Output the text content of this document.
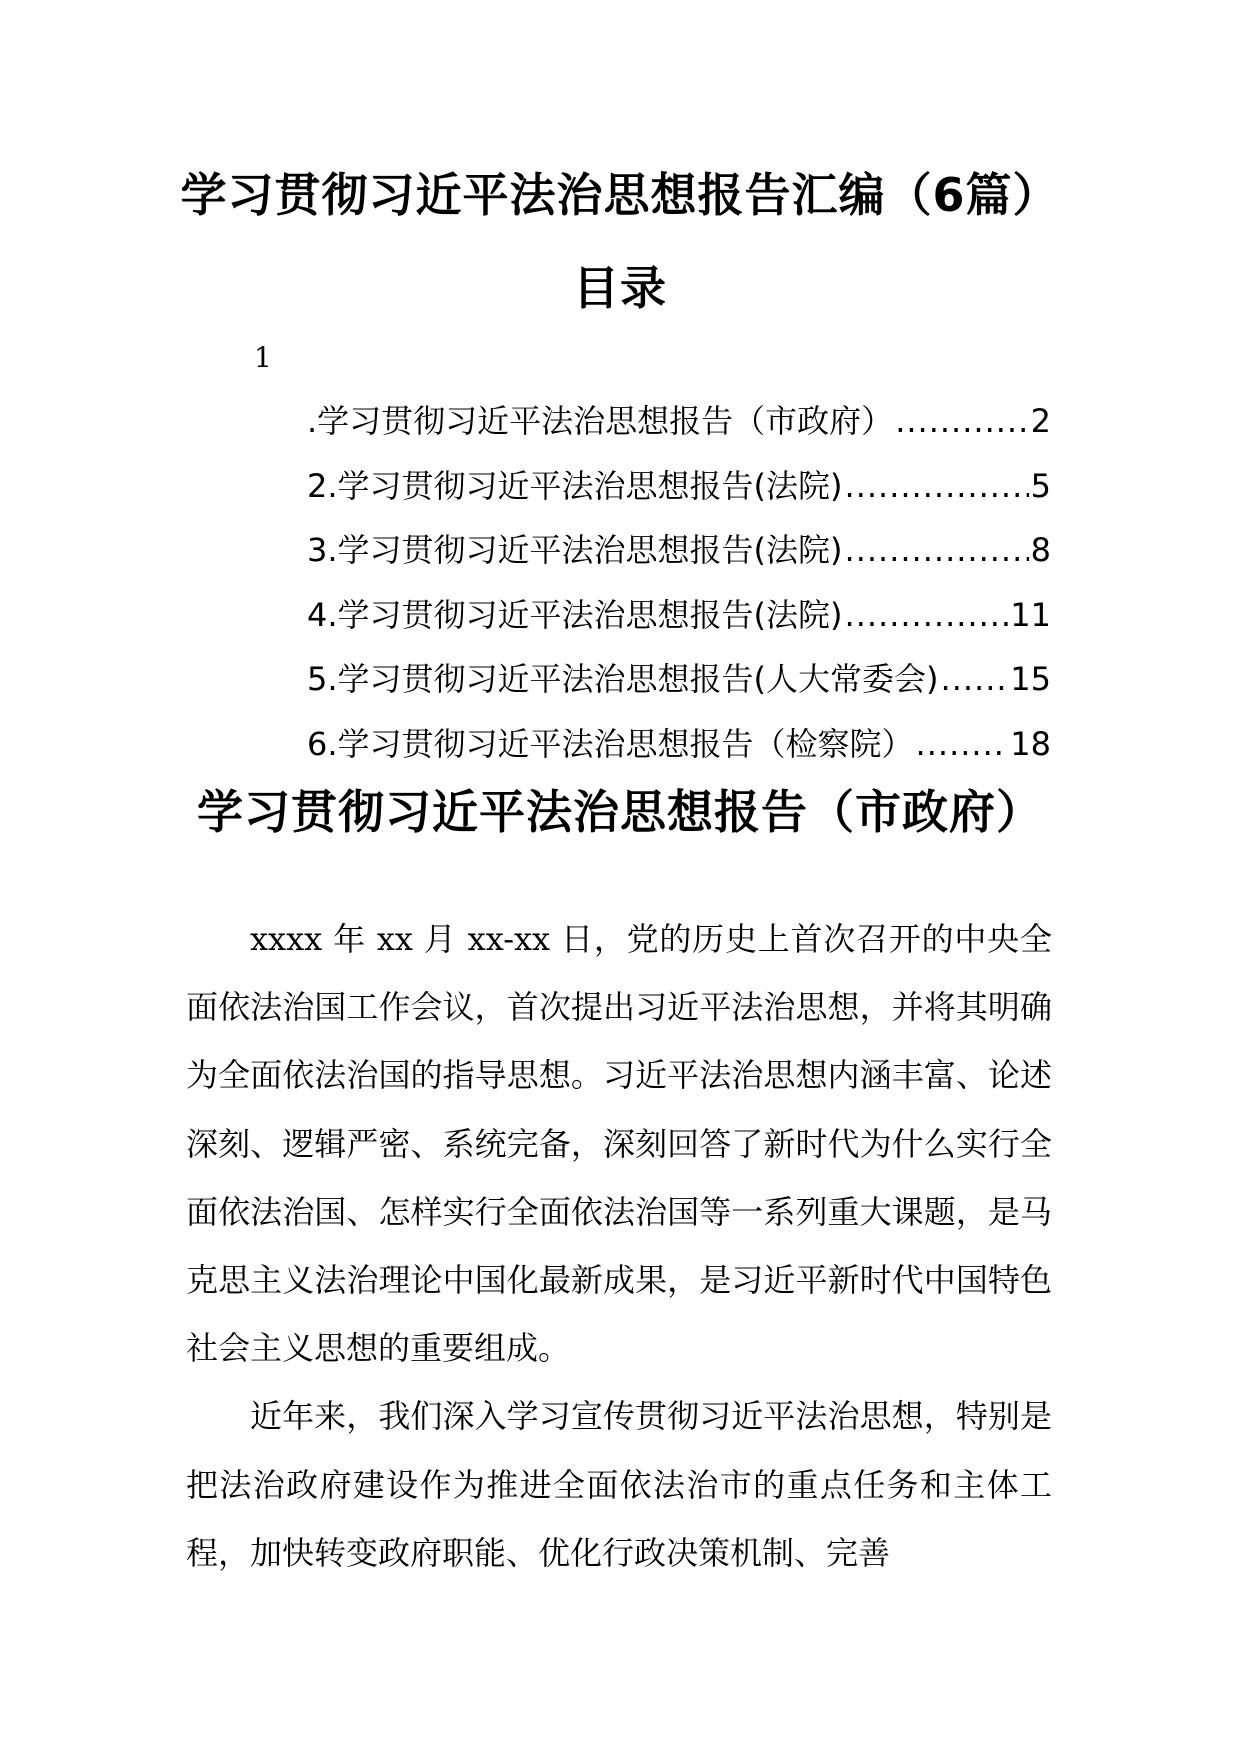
学习贯彻习近平法治思想报告汇编（6篇）
目录
1
.学习贯彻习近平法治思想报告（市政府） .....	2
2.学习贯彻习近平法治思想报告(法院) .....	5
3.学习贯彻习近平法治思想报告(法院) .....	8
4.学习贯彻习近平法治思想报告(法院) .....	11
5.学习贯彻习近平法治思想报告(人大常委会) ..... 15
6.学习贯彻习近平法治思想报告（检察院） .....	18
学习贯彻习近平法治思想报告（市政府）

xxxx 年 xx 月 xx-xx 日，党的历史上首次召开的中央全面依法治国工作会议，首次提出习近平法治思想，并将其明确为全面依法治国的指导思想。习近平法治思想内涵丰富、论述深刻、逻辑严密、系统完备，深刻回答了新时代为什么实行全面依法治国、怎样实行全面依法治国等一系列重大课题，是马克思主义法治理论中国化最新成果，是习近平新时代中国特色社会主义思想的重要组成。

近年来，我们深入学习宣传贯彻习近平法治思想，特别是把法治政府建设作为推进全面依法治市的重点任务和主体工程，加快转变政府职能、优化行政决策机制、完善
